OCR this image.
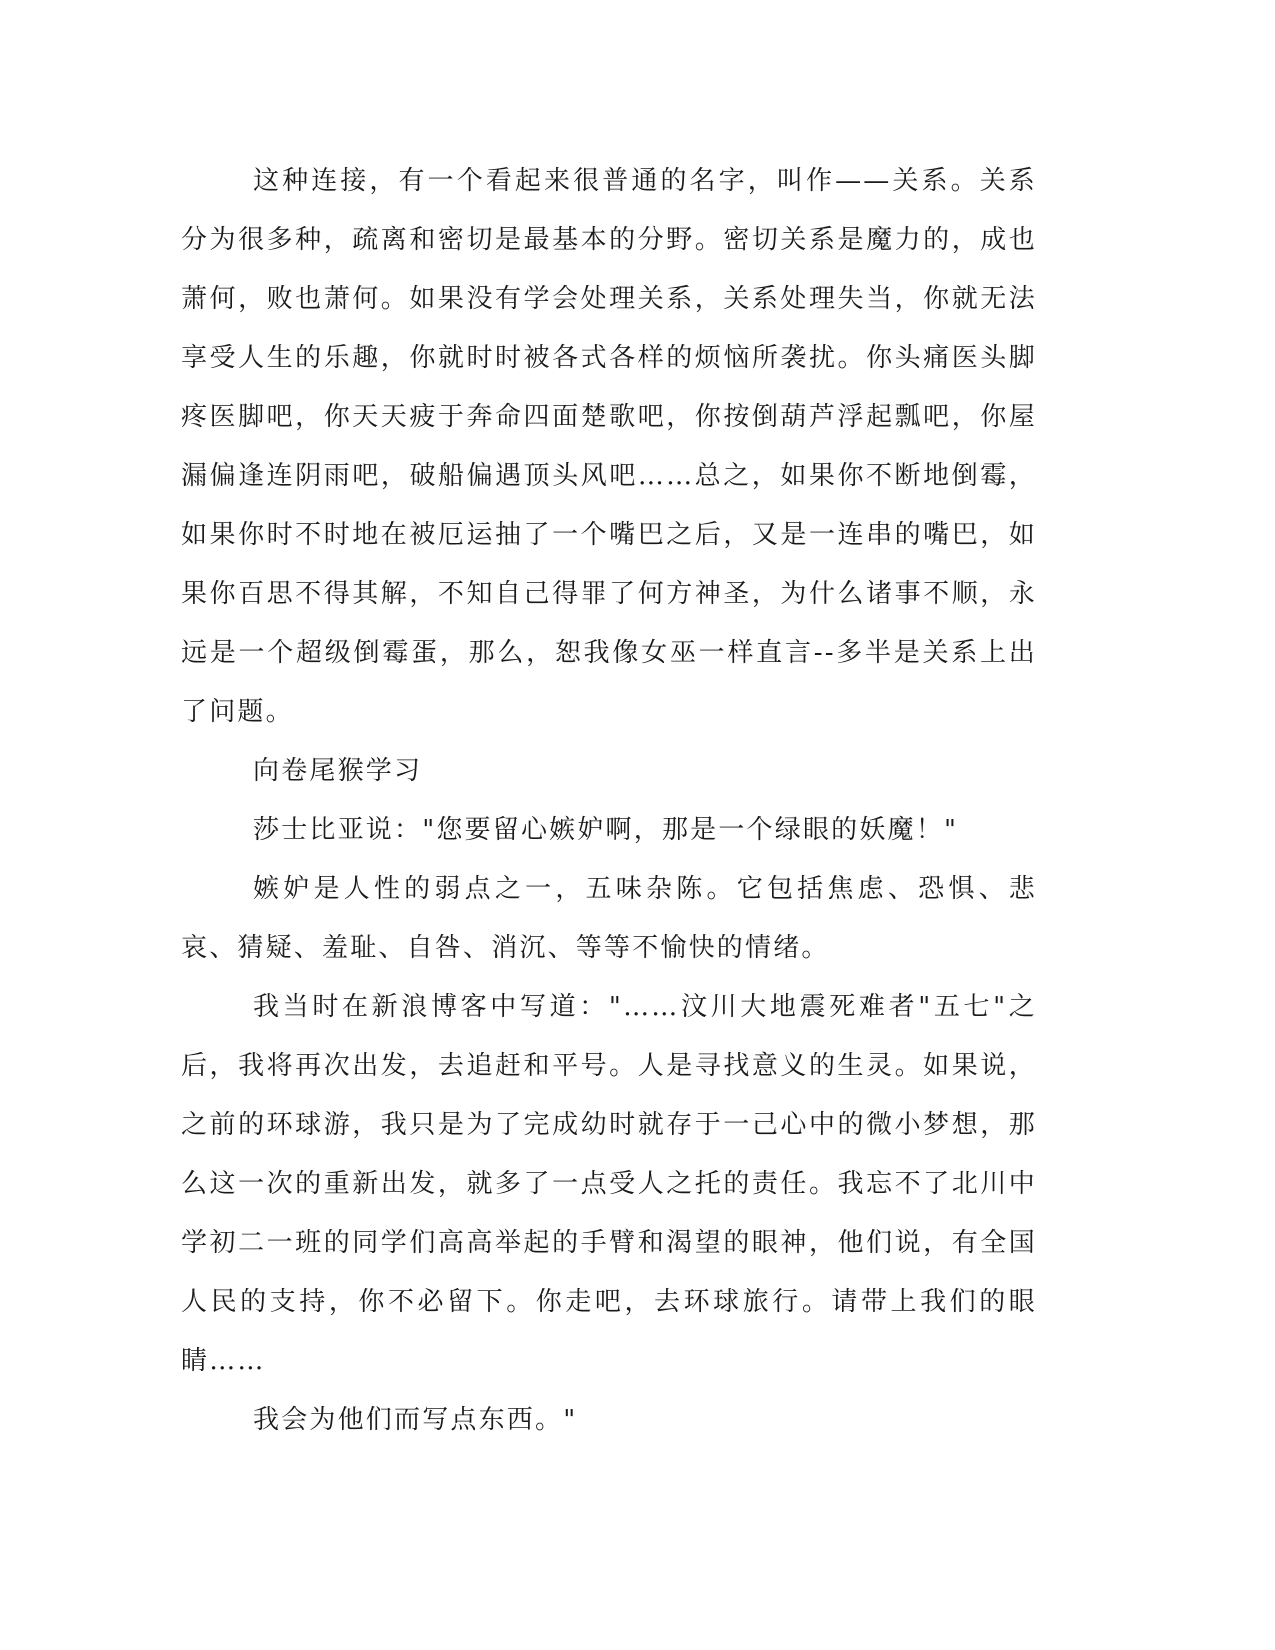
这种连接，有一个看起来很普通的名字，叫作——关系。关系分为很多种，疏离和密切是最基本的分野。密切关系是魔力的，成也萧何，败也萧何。如果没有学会处理关系，关系处理失当，你就无法享受人生的乐趣，你就时时被各式各样的烦恼所袭扰。你头痛医头脚疼医脚吧，你天天疲于奔命四面楚歌吧，你按倒葫芦浮起瓢吧，你屋漏偏逢连阴雨吧，破船偏遇顶头风吧……总之，如果你不断地倒霉，如果你时不时地在被厄运抽了一个嘴巴之后，又是一连串的嘴巴，如果你百思不得其解，不知自己得罪了何方神圣，为什么诸事不顺，永远是一个超级倒霉蛋，那么，恕我像女巫一样直言--多半是关系上出了问题。

向卷尾猴学习

莎士比亚说："您要留心嫉妒啊，那是一个绿眼的妖魔！"

嫉妒是人性的弱点之一，五味杂陈。它包括焦虑、恐惧、悲哀、猜疑、羞耻、自咎、消沉、等等不愉快的情绪。

我当时在新浪博客中写道："……汶川大地震死难者"五七"之后，我将再次出发，去追赶和平号。人是寻找意义的生灵。如果说，之前的环球游，我只是为了完成幼时就存于一己心中的微小梦想，那么这一次的重新出发，就多了一点受人之托的责任。我忘不了北川中学初二一班的同学们高高举起的手臂和渴望的眼神，他们说，有全国人民的支持，你不必留下。你走吧，去环球旅行。请带上我们的眼睛……

我会为他们而写点东西。"
